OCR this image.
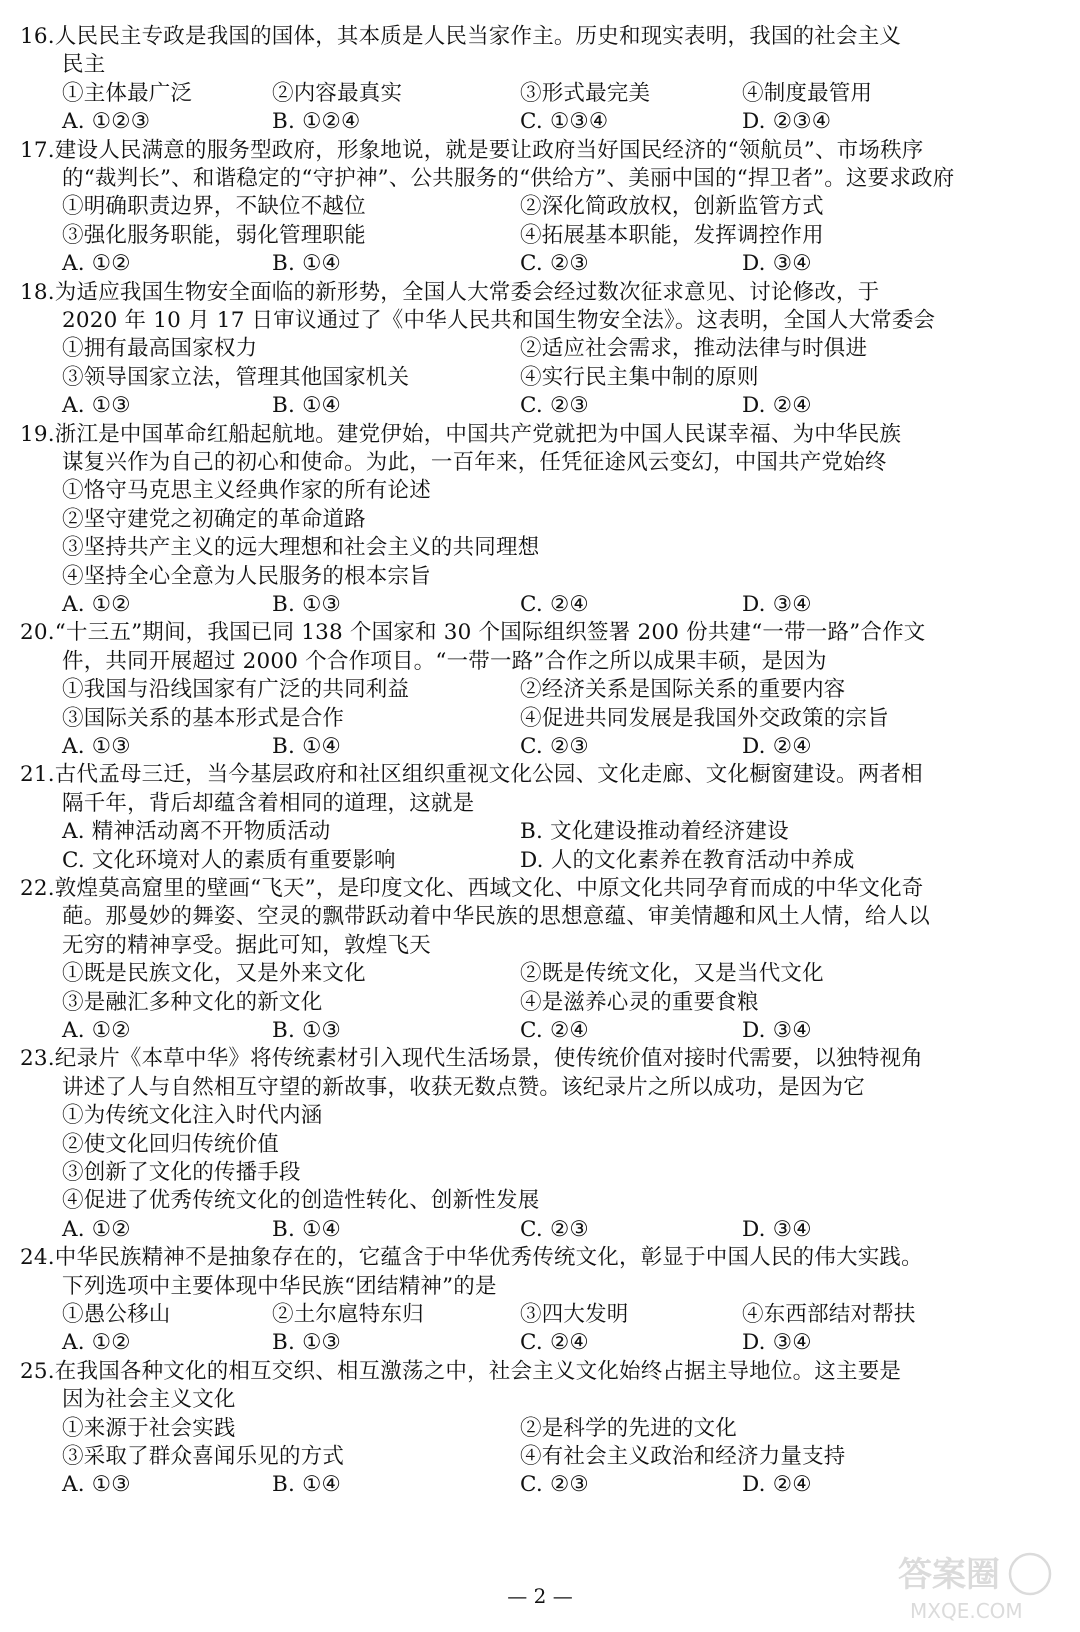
16.人民民主专政是我国的国体，其本质是人民当家作主。历史和现实表明，我国的社会主义
民主
①主体最广泛	②内容最真实	③形式最完美	④制度最管用
A. ①②③	B. ①②④	C. ①③④	D. ②③④
17.建设人民满意的服务型政府，形象地说，就是要让政府当好国民经济的“领航员”、市场秩序
的“裁判长”、和谐稳定的“守护神”、公共服务的“供给方”、美丽中国的“捍卫者”。这要求政府
①明确职责边界，不缺位不越位	②深化简政放权，创新监管方式
③强化服务职能，弱化管理职能	④拓展基本职能，发挥调控作用
A. ①②	B. ①④	C. ②③	D. ③④
18.为适应我国生物安全面临的新形势，全国人大常委会经过数次征求意见、讨论修改，于
2020 年 10 月 17 日审议通过了《中华人民共和国生物安全法》。这表明，全国人大常委会
①拥有最高国家权力	②适应社会需求，推动法律与时俱进
③领导国家立法，管理其他国家机关	④实行民主集中制的原则
A. ①③	B. ①④	C. ②③	D. ②④
19.浙江是中国革命红船起航地。建党伊始，中国共产党就把为中国人民谋幸福、为中华民族
谋复兴作为自己的初心和使命。为此，一百年来，任凭征途风云变幻，中国共产党始终
①恪守马克思主义经典作家的所有论述
②坚守建党之初确定的革命道路
③坚持共产主义的远大理想和社会主义的共同理想
④坚持全心全意为人民服务的根本宗旨
A. ①②	B. ①③	C. ②④	D. ③④
20.“十三五”期间，我国已同 138 个国家和 30 个国际组织签署 200 份共建“一带一路”合作文
件，共同开展超过 2000 个合作项目。“一带一路”合作之所以成果丰硕，是因为
①我国与沿线国家有广泛的共同利益	②经济关系是国际关系的重要内容
③国际关系的基本形式是合作	④促进共同发展是我国外交政策的宗旨
A. ①③	B. ①④	C. ②③	D. ②④
21.古代孟母三迁，当今基层政府和社区组织重视文化公园、文化走廊、文化橱窗建设。两者相
隔千年，背后却蕴含着相同的道理，这就是
A. 精神活动离不开物质活动	B. 文化建设推动着经济建设
C. 文化环境对人的素质有重要影响	D. 人的文化素养在教育活动中养成
22.敦煌莫高窟里的壁画“飞天”，是印度文化、西域文化、中原文化共同孕育而成的中华文化奇
葩。那曼妙的舞姿、空灵的飘带跃动着中华民族的思想意蕴、审美情趣和风土人情，给人以
无穷的精神享受。据此可知，敦煌飞天
①既是民族文化，又是外来文化	②既是传统文化，又是当代文化
③是融汇多种文化的新文化	④是滋养心灵的重要食粮
A. ①②	B. ①③	C. ②④	D. ③④
23.纪录片《本草中华》将传统素材引入现代生活场景，使传统价值对接时代需要，以独特视角
讲述了人与自然相互守望的新故事，收获无数点赞。该纪录片之所以成功，是因为它
①为传统文化注入时代内涵
②使文化回归传统价值
③创新了文化的传播手段
④促进了优秀传统文化的创造性转化、创新性发展
A. ①②	B. ①④	C. ②③	D. ③④
24.中华民族精神不是抽象存在的，它蕴含于中华优秀传统文化，彰显于中国人民的伟大实践。
下列选项中主要体现中华民族“团结精神”的是
①愚公移山	②土尔扈特东归	③四大发明	④东西部结对帮扶
A. ①②	B. ①③	C. ②④	D. ③④
25.在我国各种文化的相互交织、相互激荡之中，社会主义文化始终占据主导地位。这主要是
因为社会主义文化
①来源于社会实践	②是科学的先进的文化
③采取了群众喜闻乐见的方式	④有社会主义政治和经济力量支持
A. ①③	B. ①④	C. ②③	D. ②④
— 2 —
答案圈
MXQE.COM
